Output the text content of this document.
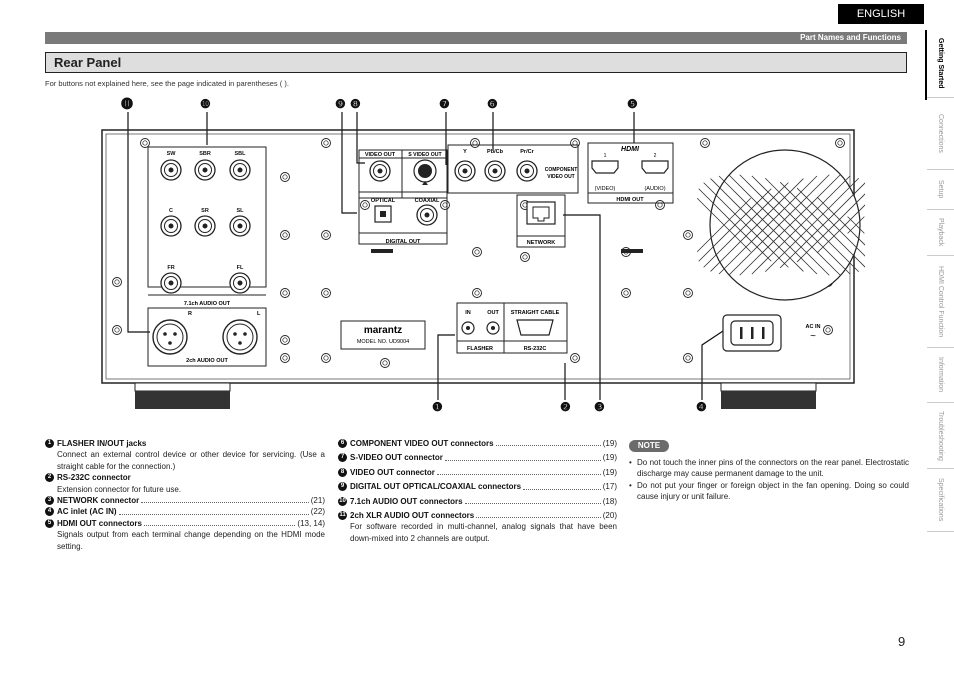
ENGLISH
Part Names and Functions
Rear Panel
For buttons not explained here, see the page indicated in parentheses ( ).	Getting Started
Connections
Setup
Playback
HDMI Control Function
Information
Troubleshooting
Specifications
⓫	❿	❾ ❽	❼	❻	❺
❶	❷ ❸	❹
SW	SBR	SBL
C	SR	SL
FR	FL
7.1ch AUDIO OUT
R	L
2ch AUDIO OUT
VIDEO OUT	S VIDEO OUT
OPTICAL	COAXIAL
DIGITAL OUT
Y	Pb/Cb	Pr/Cr
COMPONENT
VIDEO OUT
HDMI
1	2
(VIDEO)	(AUDIO)
HDMI OUT
NETWORK
IN	OUT STRAIGHT CABLE
FLASHER	RS-232C
marantz
MODEL NO. UD9004
AC IN
~
1 FLASHER IN/OUT jacks
Connect an external control device or other device for servicing. (Use a straight cable for the connection.)
2 RS-232C connector
Extension connector for future use.
3 NETWORK connector	(21)
4 AC inlet (AC IN)	(22)
5 HDMI OUT connectors	(13, 14)
Signals output from each terminal change depending on the HDMI mode setting.
6 COMPONENT VIDEO OUT connectors	(19)
7 S-VIDEO OUT connector	(19)
8 VIDEO OUT connector	(19)
9 DIGITAL OUT OPTICAL/COAXIAL connectors	(17)
10 7.1ch AUDIO OUT connectors	(18)
11 2ch XLR AUDIO OUT connectors	(20)
For software recorded in multi-channel, analog signals that have been down-mixed into 2 channels are output.
NOTE
• Do not touch the inner pins of the connectors on the rear panel. Electrostatic discharge may cause permanent damage to the unit.
• Do not put your finger or foreign object in the fan opening. Doing so could cause injury or unit failure.
9
